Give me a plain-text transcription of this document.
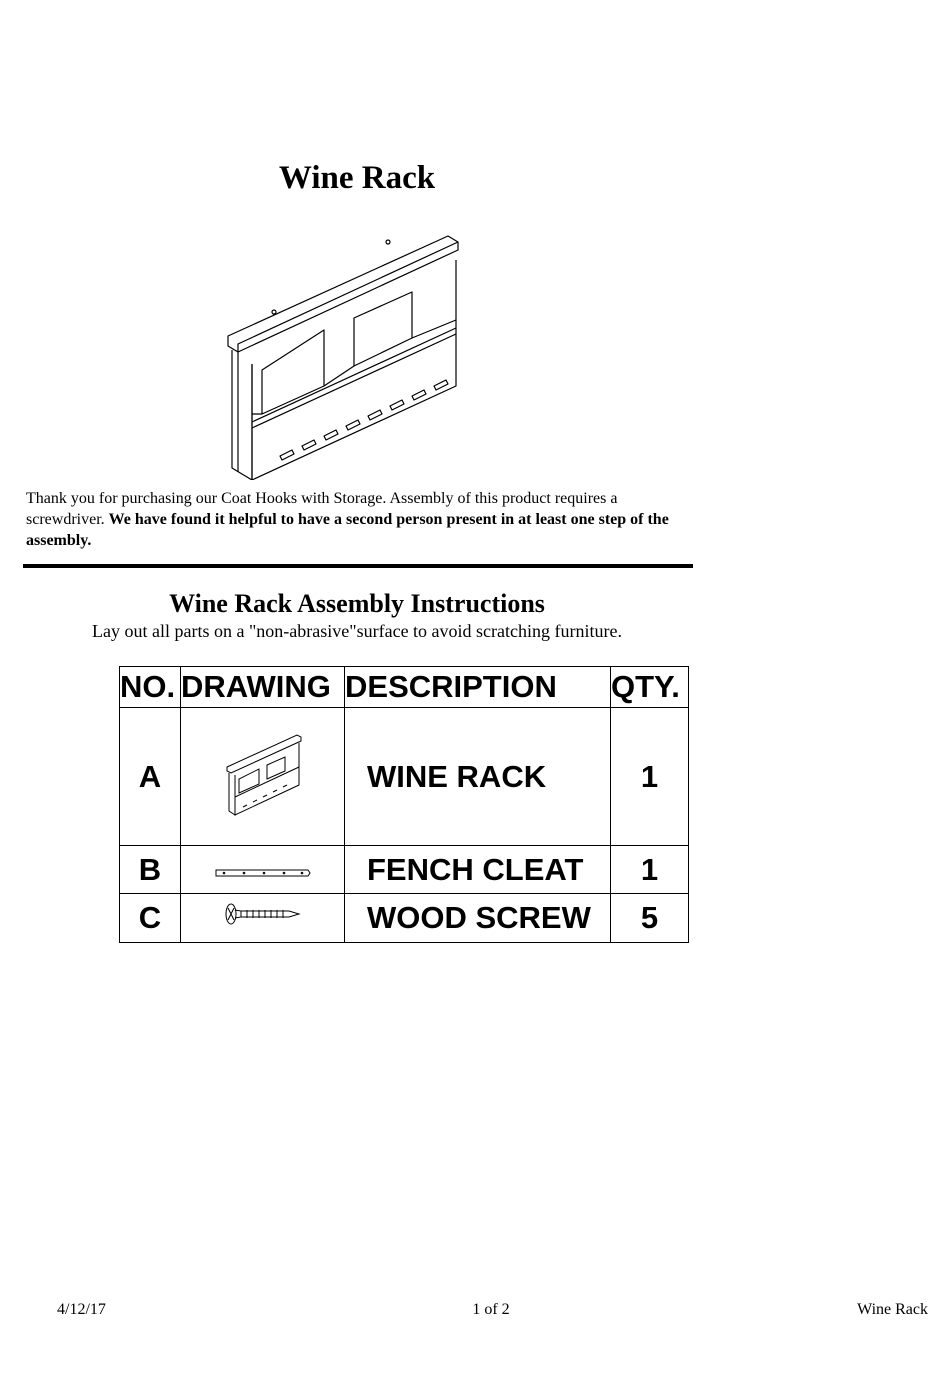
Wine Rack
Thank you for purchasing our Coat Hooks with Storage. Assembly of this product requires a screwdriver. We have found it helpful to have a second person present in at least one step of the assembly.
Wine Rack Assembly Instructions
Lay out all parts on a "non-abrasive"surface to avoid scratching furniture.
NO.	DRAWING	DESCRIPTION	QTY.
A		WINE RACK	1
B		FENCH CLEAT	1
C		WOOD SCREW	5
4/12/17	1 of 2	Wine Rack
